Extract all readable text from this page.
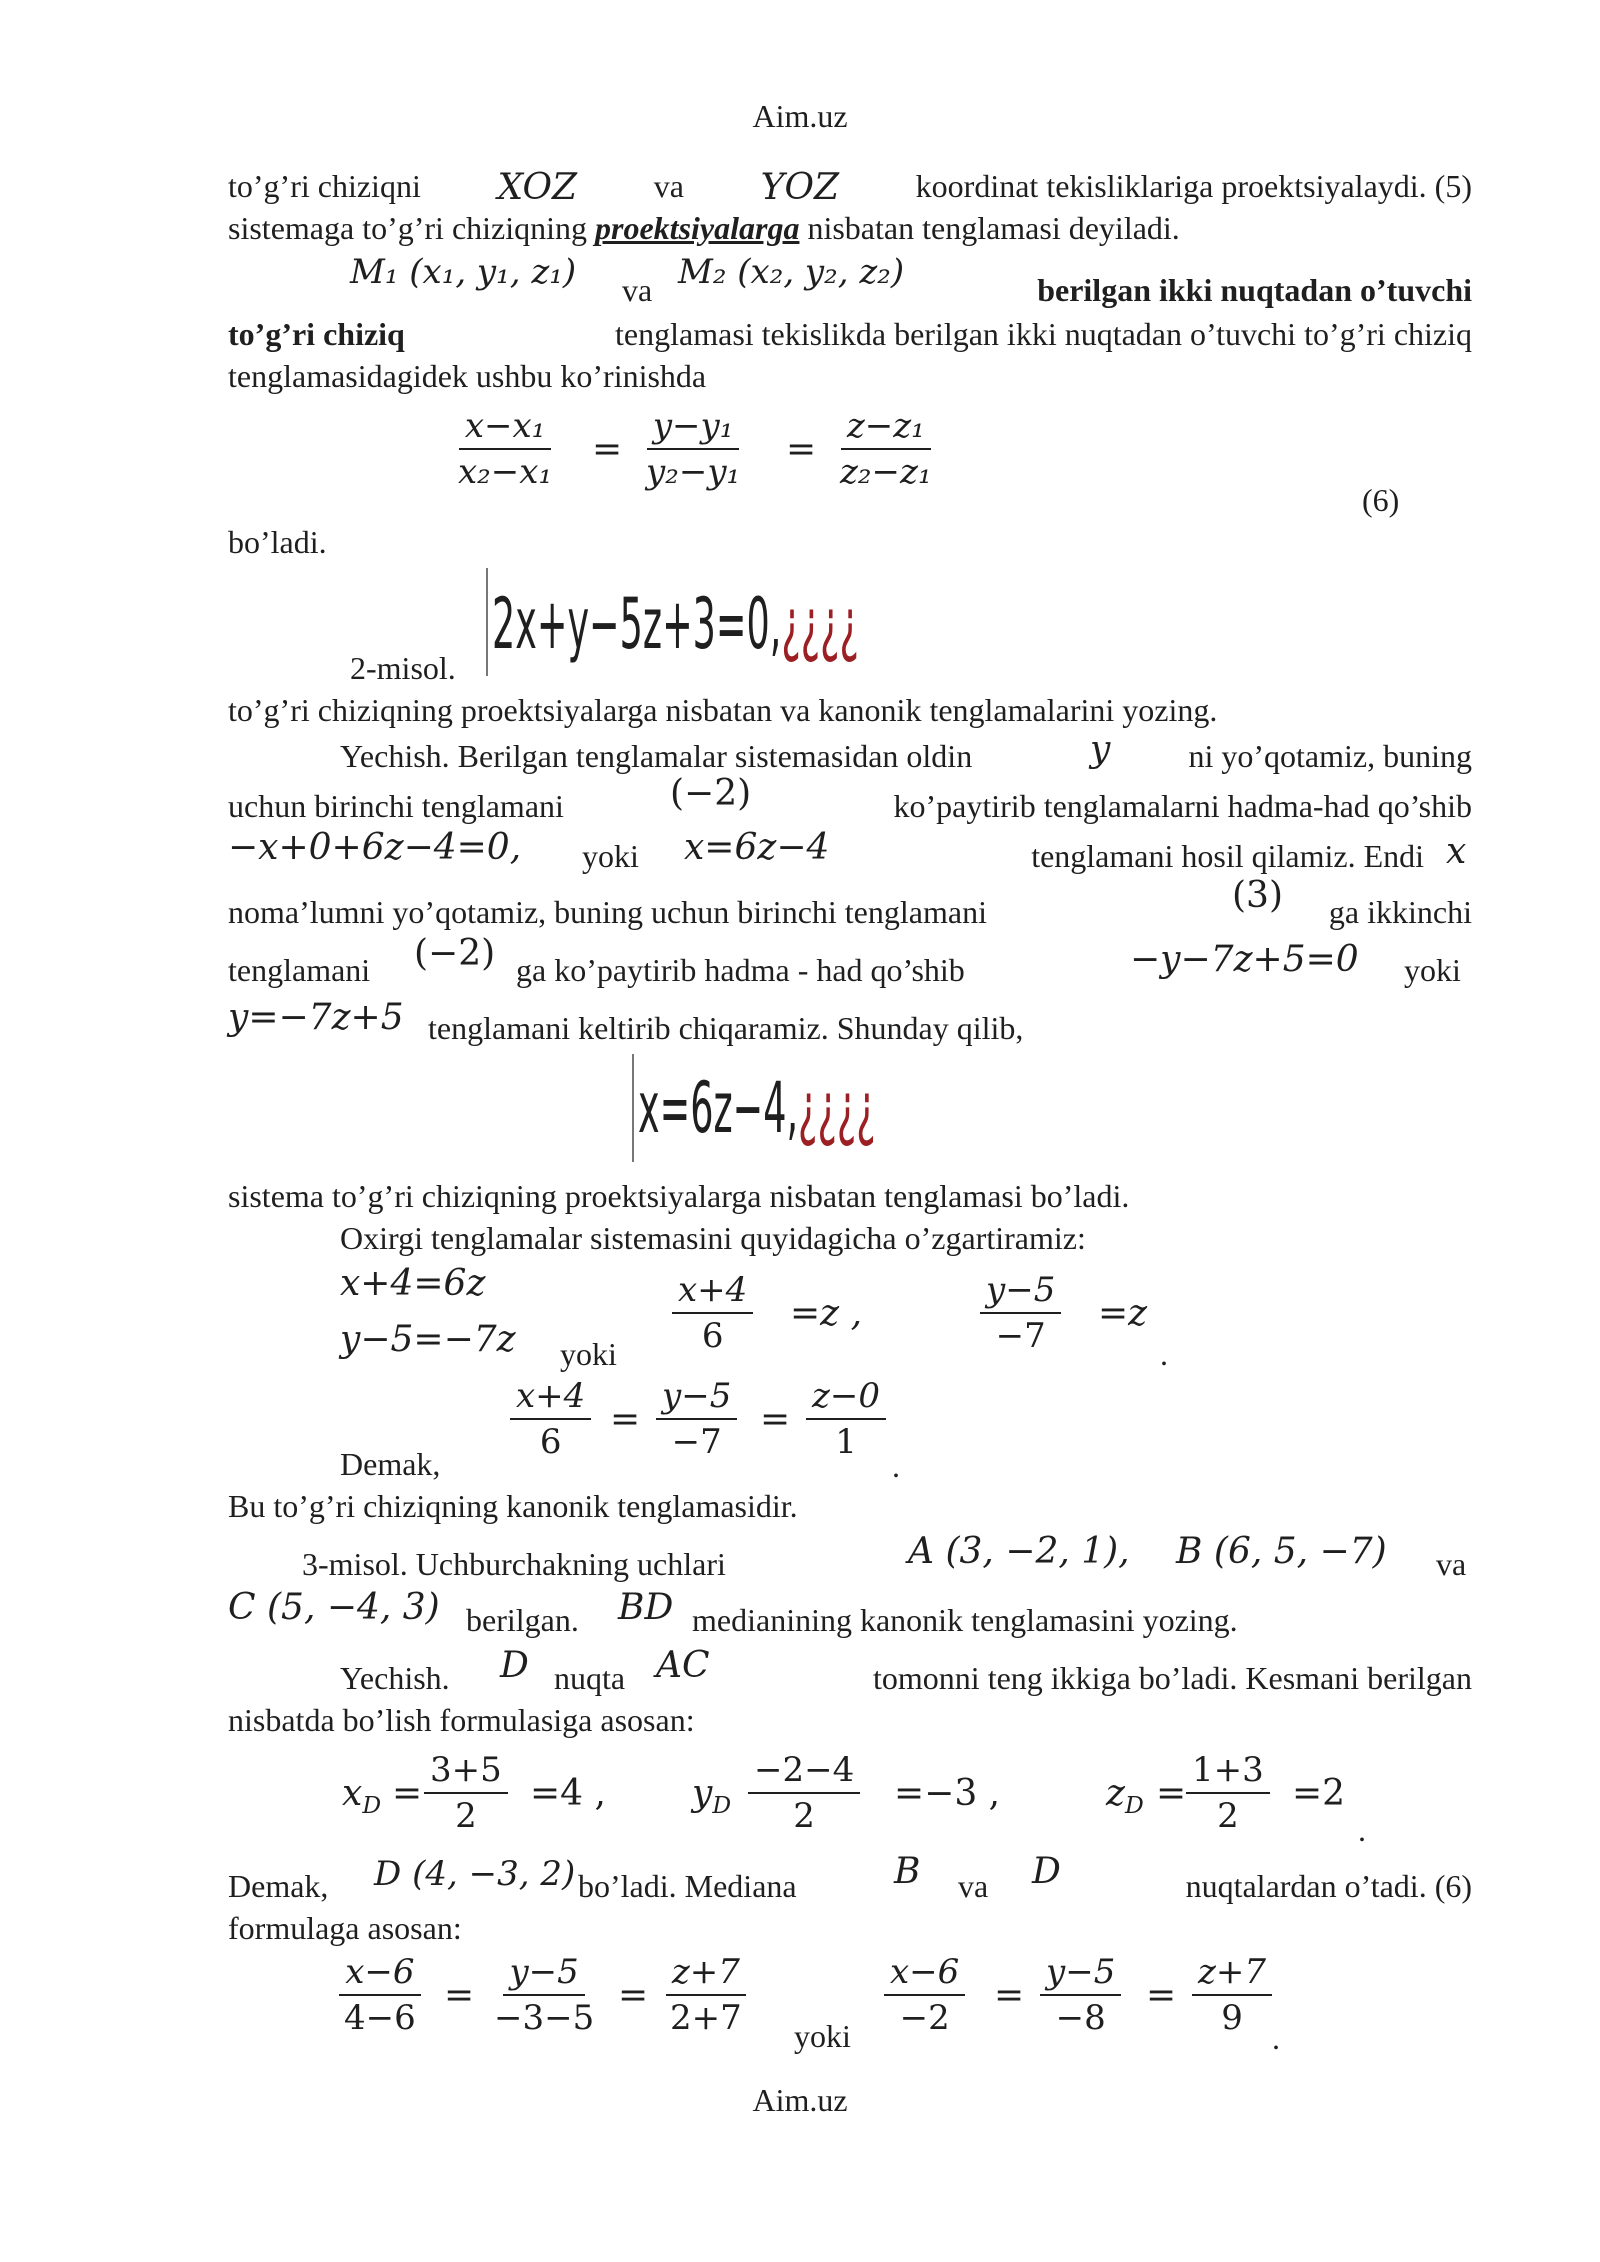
Aim.uz
to’g’ri chiziqni XOZ va YOZ koordinat tekisliklariga proektsiyalaydi. (5)
sistemaga to’g’ri chiziqning proektsiyalarga nisbatan tenglamasi deyiladi.
M₁ (x₁, y₁, z₁) va M₂ (x₂, y₂, z₂)	berilgan ikki nuqtadan o’tuvchi
to’g’ri chiziq	tenglamasi tekislikda berilgan ikki nuqtadan o’tuvchi to’g’ri chiziq
tenglamasidagidek ushbu ko’rinishda
$\frac{\text{x−x₁}}{\text{x₂−x₁}} = \frac{\text{y−y₁}}{\text{y₂−y₁}} = \frac{\text{z−z₁}}{\text{z₂−z₁}}$
(6)
bo’ladi.
2-misol.
2x+y−5z+3=0,¿¿¿¿
to’g’ri chiziqning proektsiyalarga nisbatan va kanonik tenglamalarini yozing.
Yechish. Berilgan tenglamalar sistemasidan oldin	y	ni yo’qotamiz, buning
uchun birinchi tenglamani	(−2)	ko’paytirib tenglamalarni hadma-had qo’shib
−x+0+6z−4=0, yoki x=6z−4	tenglamani hosil qilamiz. Endi x
noma’lumni yo’qotamiz, buning uchun birinchi tenglamani	(3)	ga ikkinchi
tenglamani (−2) ga ko’paytirib hadma - had qo’shib	−y−7z+5=0 yoki
y=−7z+5 tenglamani keltirib chiqaramiz. Shunday qilib,
x=6z−4,¿¿¿¿
sistema to’g’ri chiziqning proektsiyalarga nisbatan tenglamasi bo’ladi.
Oxirgi tenglamalar sistemasini quyidagicha o’zgartiramiz:
x+4=6z
y−5=−7z yoki $\frac{x+4}{6} =z$ ,	$\frac{y-5}{-7} =z$
.
Demak, $\frac{x+4}{6} = \frac{y-5}{-7} = \frac{z-0}{1}$
.
Bu to’g’ri chiziqning kanonik tenglamasidir.
3-misol. Uchburchakning uchlari	A (3, −2, 1), B (6, 5, −7) va
C (5, −4, 3) berilgan. BD medianining kanonik tenglamasini yozing.
Yechish. D nuqta AC	tomonni teng ikkiga bo’ladi. Kesmani berilgan
nisbatda bo’lish formulasiga asosan:
$x_D = \frac{3+5}{2} =4$ , $y_D \frac{-2-4}{2} =-3$ ,	$z_D = \frac{1+3}{2} =2$
.
Demak, D (4, −3, 2) bo’ladi. Mediana	B va D	nuqtalardan o’tadi. (6)
formulaga asosan:
$\frac{x-6}{4-6} = \frac{y-5}{-3-5} = \frac{z+7}{2+7}$ yoki $\frac{x-6}{-2} = \frac{y-5}{-8} = \frac{z+7}{9}$ .
Aim.uz
